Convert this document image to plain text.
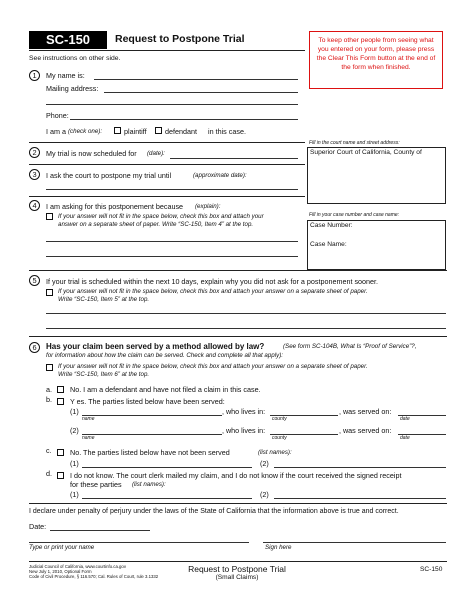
SC-150	Request to Postpone Trial	To keep other people from seeing what you entered on your form, please press the Clear This Form button at the end of the form when finished.
See instructions on other side.
Fill in the court name and street address:
Superior Court of California, County of
Fill in your case number and case name:
Case Number:
Case Name:
1	My name is:
Mailing address:
Phone:
I am a (check one):	plaintiff	defendant in this case.
2	My trial is now scheduled for (date):
3	I ask the court to postpone my trial until	(approximate date):
4	I am asking for this postponement because (explain):
If your answer will not fit in the space below, check this box and attach your
answer on a separate sheet of paper. Write “SC-150, Item 4” at the top.
5	If your trial is scheduled within the next 10 days, explain why you did not ask for a postponement sooner.
If your answer will not fit in the space below, check this box and attach your answer on a separate sheet of paper.
Write “SC-150, Item 5” at the top.
6	Has your claim been served by a method allowed by law?	(See form SC-104B, What Is “Proof of Service”?,
for information about how the claim can be served. Check and complete all that apply):
If your answer will not fit in the space below, check this box and attach your answer on a separate sheet of paper.
Write “SC-150, Item 6” at the top.
a.	No. I am a defendant and have not filed a claim in this case.
b.	Y es. The parties listed below have been served:
(1)	, who lives in:	, was served on:
name	county	date
(2)	, who lives in:	, was served on:
name	county	date
c.	No. The parties listed below have not been served	(list names):
(1)	(2)
d.	I do not know. The court clerk mailed my claim, and I do not know if the court received the signed receipt
for these parties (list names):
(1)	(2)
I declare under penalty of perjury under the laws of the State of California that the information above is true and correct.
Date:
Type or print your name	Sign here
Judicial Council of California, www.courtinfo.ca.gov
New July 1, 2010, Optional Form
Code of Civil Procedure, § 116.570; Cal. Rules of Court, rule 3.1332
Request to Postpone Trial
(Small Claims)
SC-150
